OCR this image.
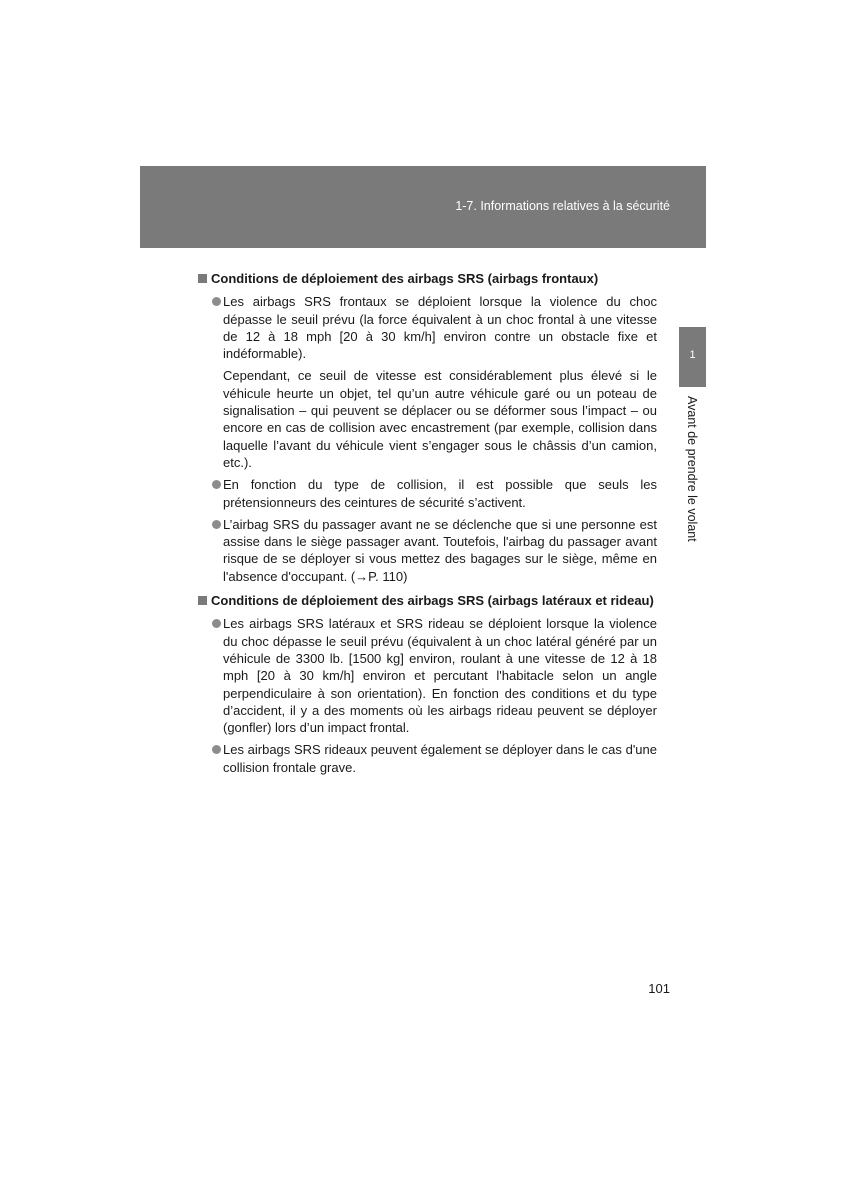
1-7. Informations relatives à la sécurité
1
Avant de prendre le volant
Conditions de déploiement des airbags SRS (airbags frontaux)
Les airbags SRS frontaux se déploient lorsque la violence du choc dépasse le seuil prévu (la force équivalent à un choc frontal à une vitesse de 12 à 18 mph [20 à 30 km/h] environ contre un obstacle fixe et indéformable).
Cependant, ce seuil de vitesse est considérablement plus élevé si le véhicule heurte un objet, tel qu’un autre véhicule garé ou un poteau de signalisation – qui peuvent se déplacer ou se déformer sous l’impact – ou encore en cas de collision avec encastrement (par exemple, collision dans laquelle l’avant du véhicule vient s’engager sous le châssis d’un camion, etc.).
En fonction du type de collision, il est possible que seuls les prétensionneurs des ceintures de sécurité s’activent.
L’airbag SRS du passager avant ne se déclenche que si une personne est assise dans le siège passager avant. Toutefois, l'airbag du passager avant risque de se déployer si vous mettez des bagages sur le siège, même en l'absence d'occupant. (→P. 110)
Conditions de déploiement des airbags SRS (airbags latéraux et rideau)
Les airbags SRS latéraux et SRS rideau se déploient lorsque la violence du choc dépasse le seuil prévu (équivalent à un choc latéral généré par un véhicule de 3300 lb. [1500 kg] environ, roulant à une vitesse de 12 à 18 mph [20 à 30 km/h] environ et percutant l'habitacle selon un angle perpendiculaire à son orientation). En fonction des conditions et du type d’accident, il y a des moments où les airbags rideau peuvent se déployer (gonfler) lors d’un impact frontal.
Les airbags SRS rideaux peuvent également se déployer dans le cas d'une collision frontale grave.
101
